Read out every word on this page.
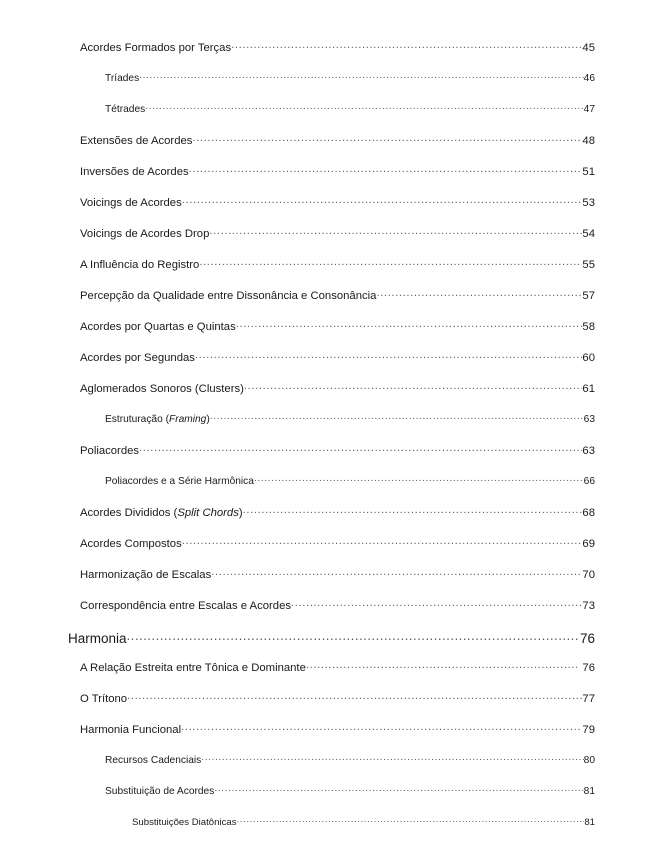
Acordes Formados por Terças .....	45
Tríades .....	46
Tétrades .....	47
Extensões de Acordes .....	48
Inversões de Acordes .....	51
Voicings de Acordes .....	53
Voicings de Acordes Drop .....	54
A Influência do Registro .....	55
Percepção da Qualidade entre Dissonância e Consonância .....	57
Acordes por Quartas e Quintas .....	58
Acordes por Segundas .....	60
Aglomerados Sonoros (Clusters) .....	61
Estruturação (Framing) .....	63
Poliacordes .....	63
Poliacordes e a Série Harmônica .....	66
Acordes Divididos (Split Chords) .....	68
Acordes Compostos .....	69
Harmonização de Escalas .....	70
Correspondência entre Escalas e Acordes .....	73
Harmonia .....	76
A Relação Estreita entre Tônica e Dominante .....	76
O Trítono .....	77
Harmonia Funcional .....	79
Recursos Cadenciais .....	80
Substituição de Acordes .....	81
Substituições Diatônicas .....	81
